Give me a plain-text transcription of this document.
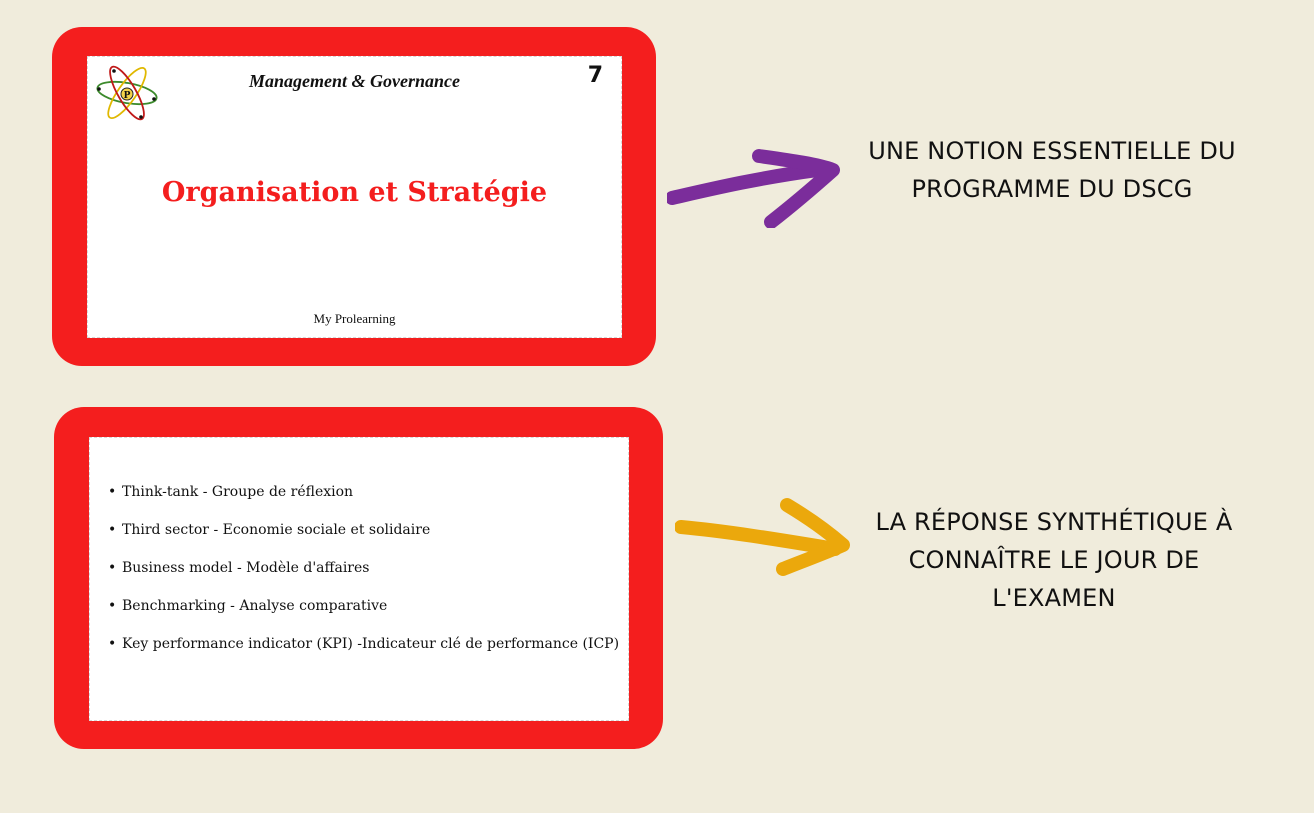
P
Management & Governance	7
Organisation et Stratégie
My Prolearning
UNE NOTION ESSENTIELLE DU PROGRAMME DU DSCG
• Think-tank - Groupe de réflexion
• Third sector - Economie sociale et solidaire
• Business model - Modèle d'affaires
• Benchmarking - Analyse comparative
• Key performance indicator (KPI) -Indicateur clé de performance (ICP)
LA RÉPONSE SYNTHÉTIQUE À CONNAÎTRE LE JOUR DE L'EXAMEN
